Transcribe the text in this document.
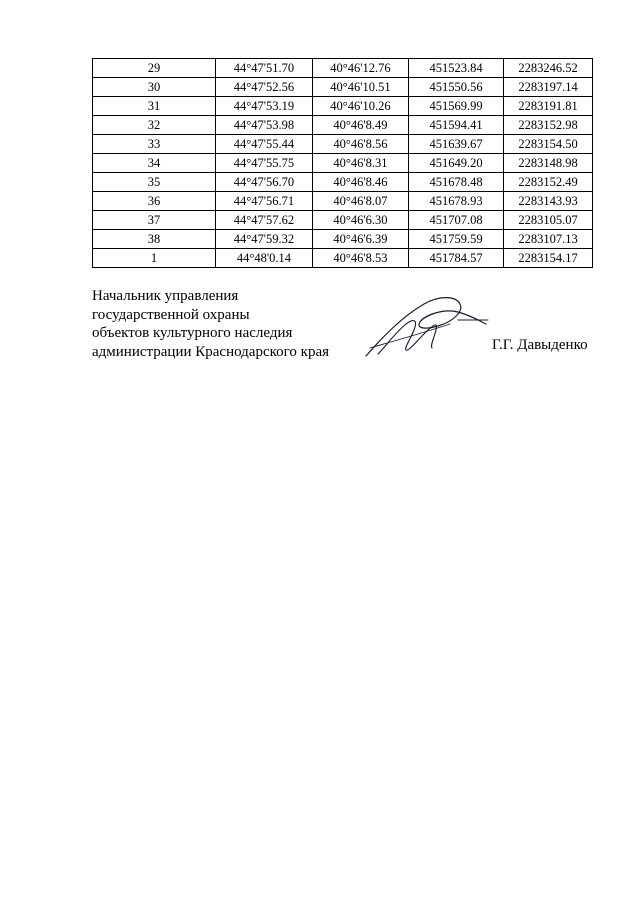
29	44°47'51.70	40°46'12.76	451523.84	2283246.52
30	44°47'52.56	40°46'10.51	451550.56	2283197.14
31	44°47'53.19	40°46'10.26	451569.99	2283191.81
32	44°47'53.98	40°46'8.49	451594.41	2283152.98
33	44°47'55.44	40°46'8.56	451639.67	2283154.50
34	44°47'55.75	40°46'8.31	451649.20	2283148.98
35	44°47'56.70	40°46'8.46	451678.48	2283152.49
36	44°47'56.71	40°46'8.07	451678.93	2283143.93
37	44°47'57.62	40°46'6.30	451707.08	2283105.07
38	44°47'59.32	40°46'6.39	451759.59	2283107.13
1	44°48'0.14	40°46'8.53	451784.57	2283154.17
Начальник управления
государственной охраны
объектов культурного наследия
администрации Краснодарского края	Г.Г. Давыденко
